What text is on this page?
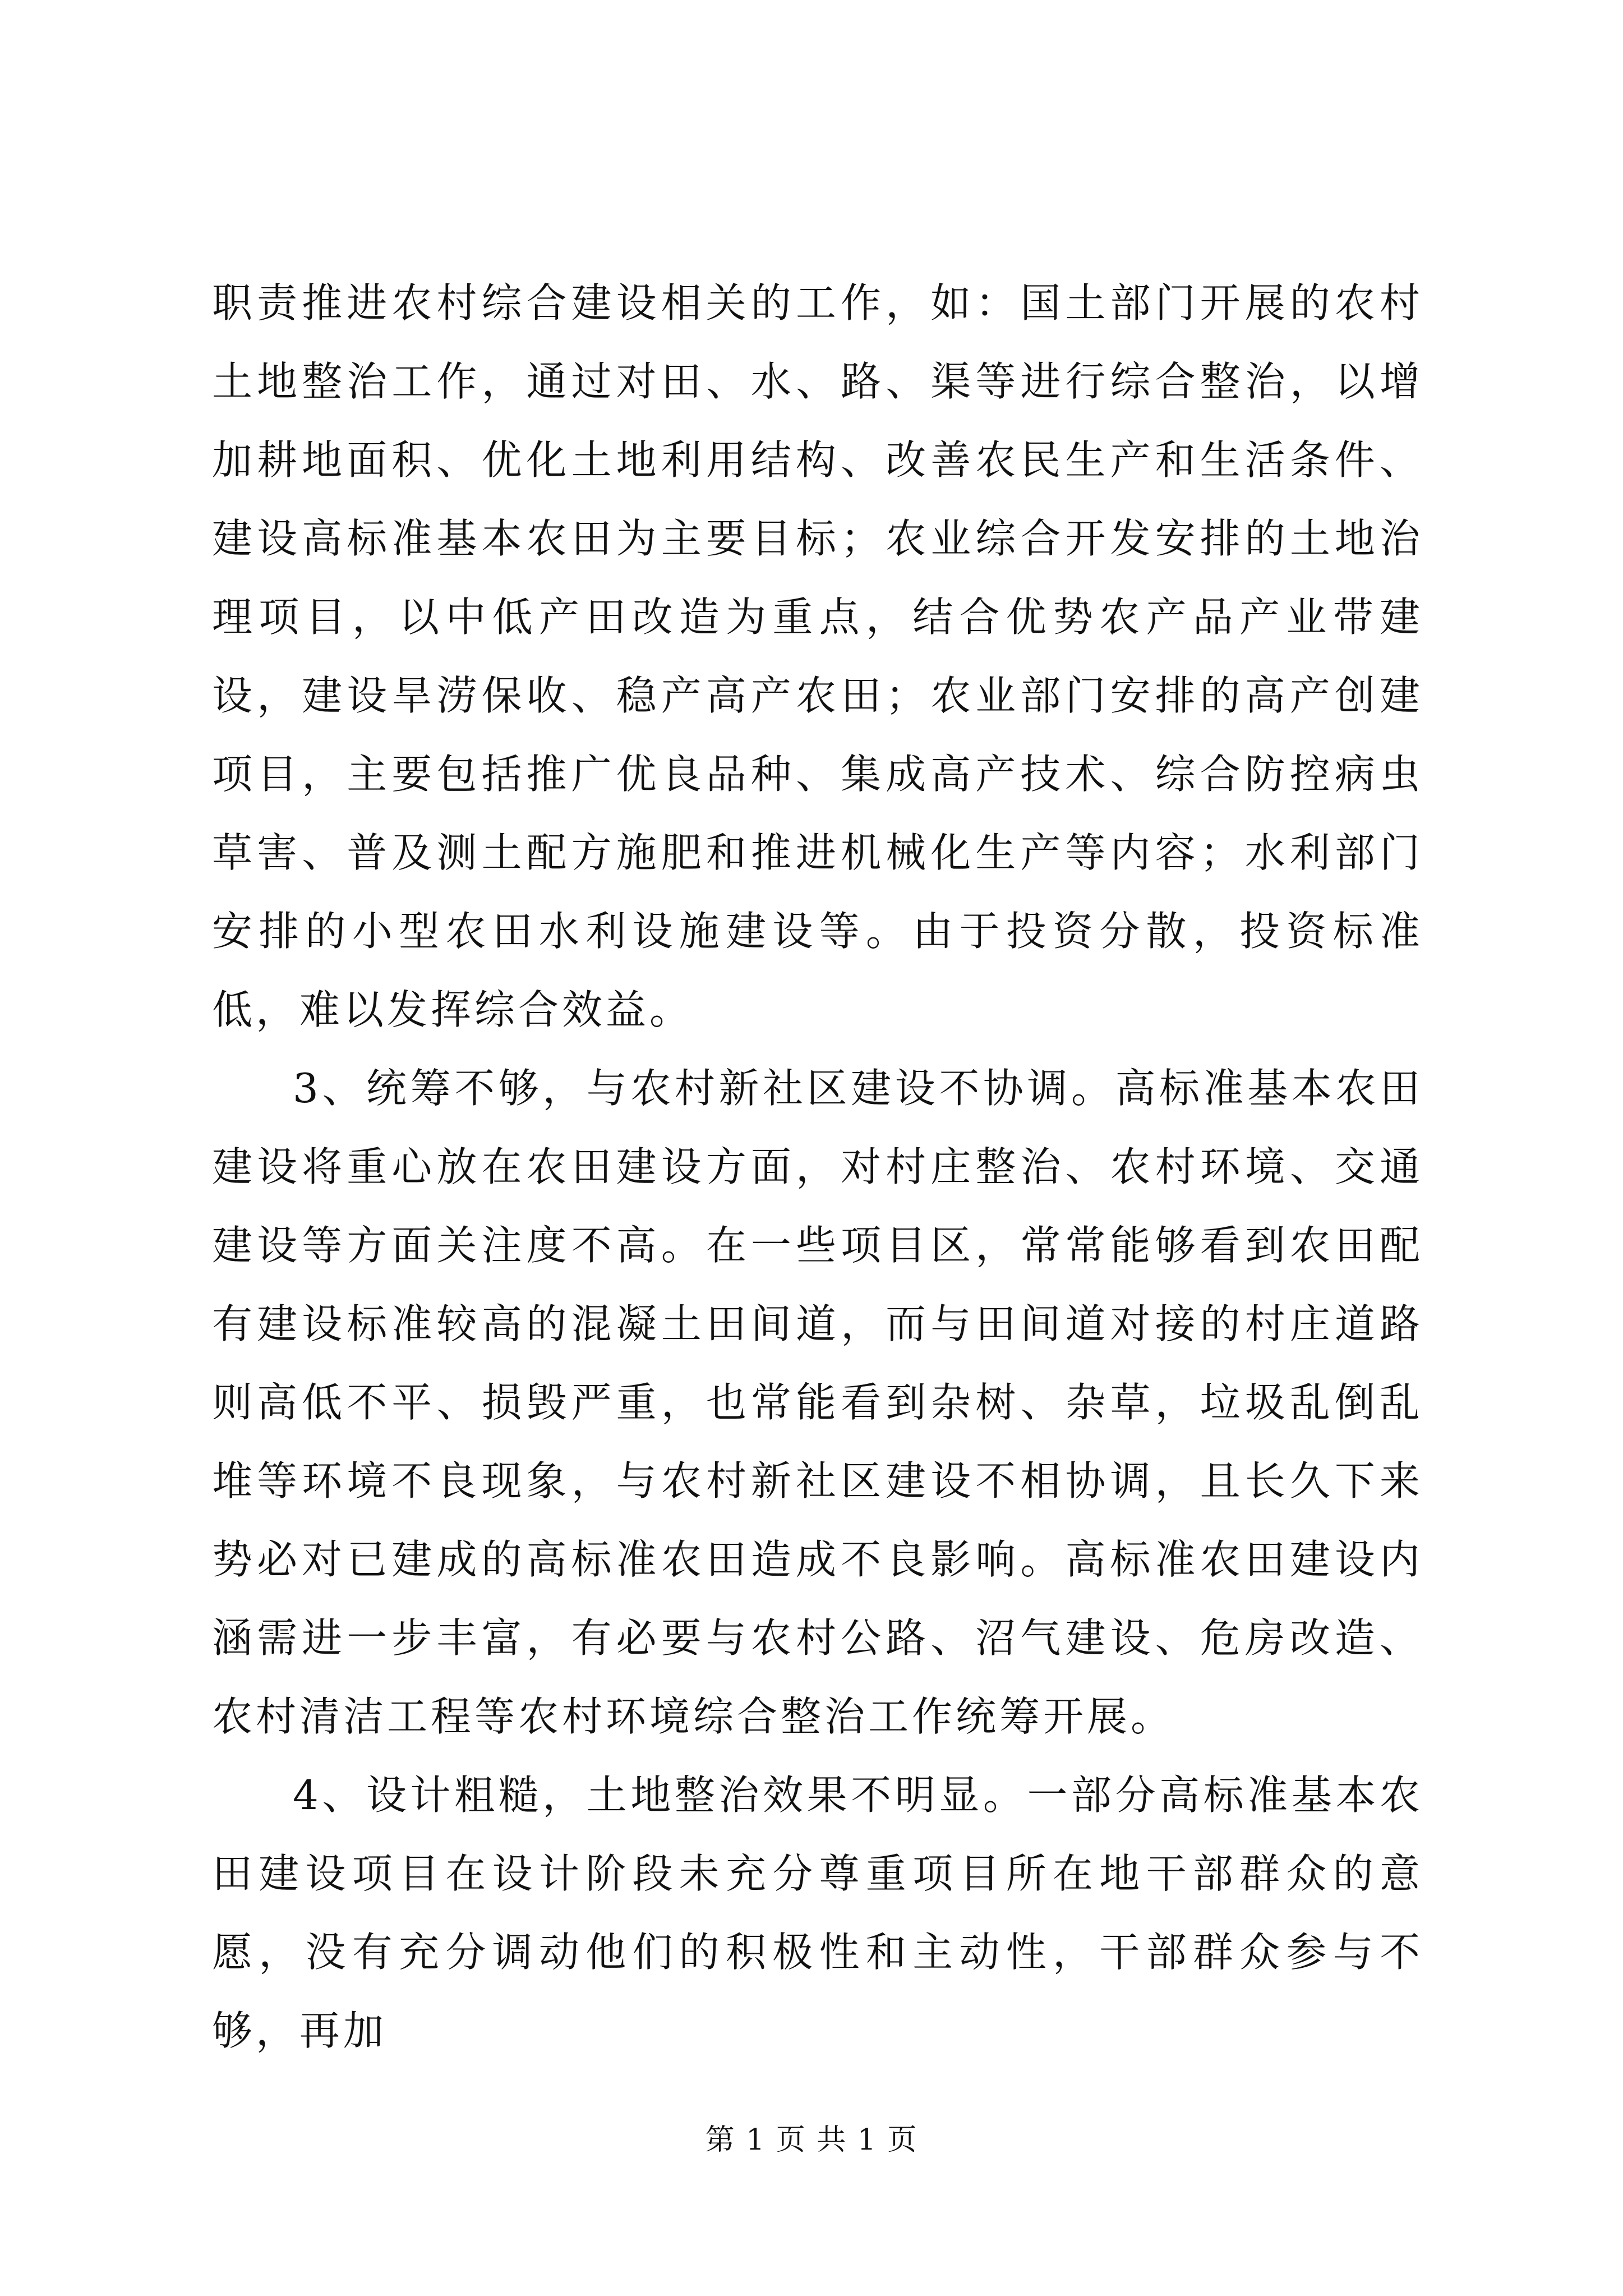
职责推进农村综合建设相关的工作，如：国土部门开展的农村土地整治工作，通过对田、水、路、渠等进行综合整治，以增加耕地面积、优化土地利用结构、改善农民生产和生活条件、建设高标准基本农田为主要目标；农业综合开发安排的土地治理项目，以中低产田改造为重点，结合优势农产品产业带建设，建设旱涝保收、稳产高产农田；农业部门安排的高产创建项目，主要包括推广优良品种、集成高产技术、综合防控病虫草害、普及测土配方施肥和推进机械化生产等内容；水利部门安排的小型农田水利设施建设等。由于投资分散，投资标准低，难以发挥综合效益。

3、统筹不够，与农村新社区建设不协调。高标准基本农田建设将重心放在农田建设方面，对村庄整治、农村环境、交通建设等方面关注度不高。在一些项目区，常常能够看到农田配有建设标准较高的混凝土田间道，而与田间道对接的村庄道路则高低不平、损毁严重，也常能看到杂树、杂草，垃圾乱倒乱堆等环境不良现象，与农村新社区建设不相协调，且长久下来势必对已建成的高标准农田造成不良影响。高标准农田建设内涵需进一步丰富，有必要与农村公路、沼气建设、危房改造、农村清洁工程等农村环境综合整治工作统筹开展。

4、设计粗糙，土地整治效果不明显。一部分高标准基本农田建设项目在设计阶段未充分尊重项目所在地干部群众的意愿，没有充分调动他们的积极性和主动性，干部群众参与不够，再加

第 1 页 共 1 页
